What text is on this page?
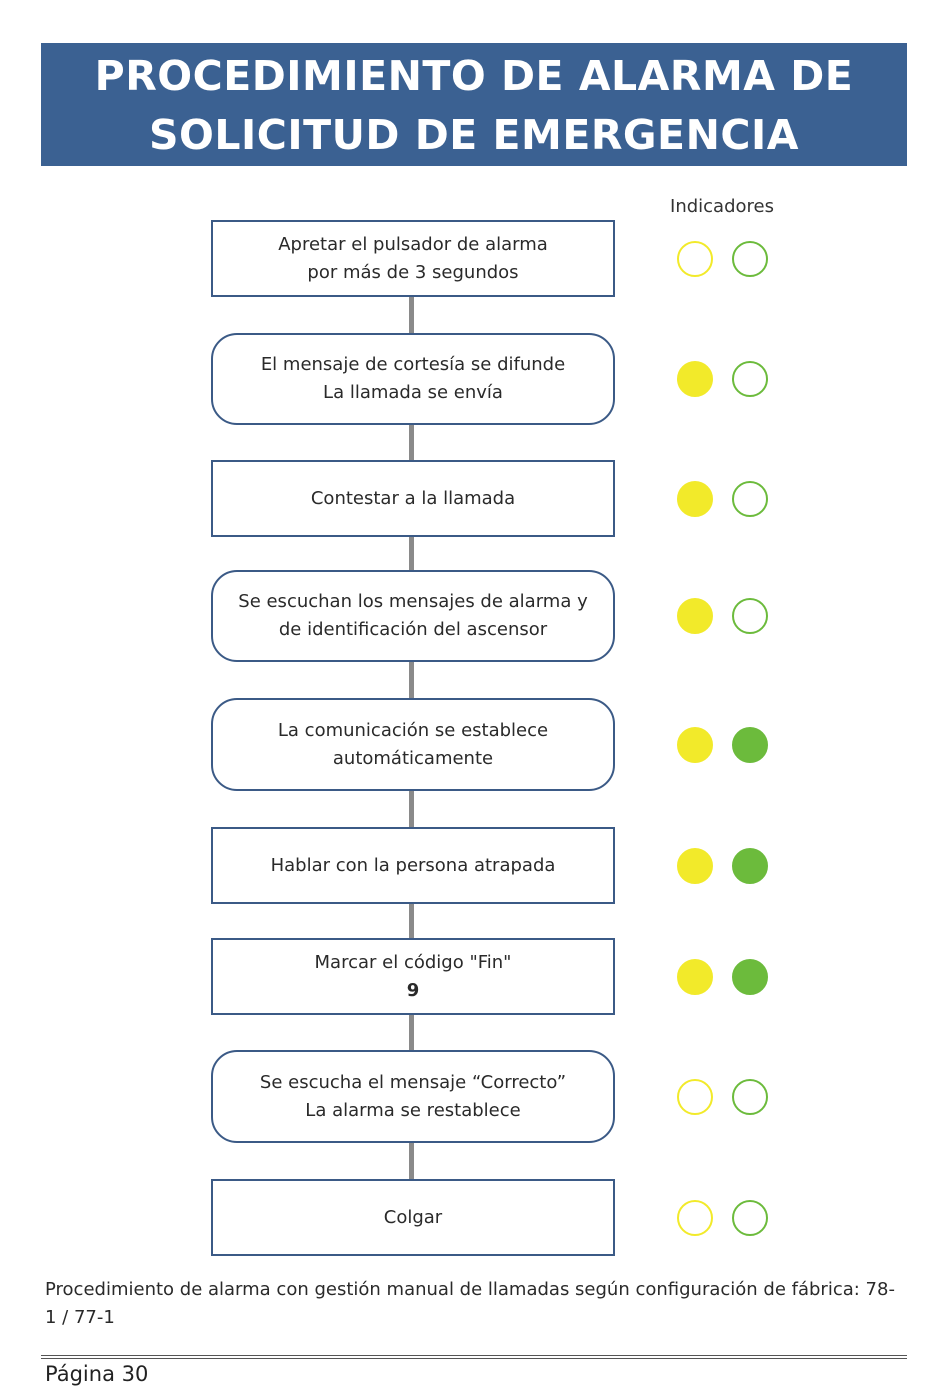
PROCEDIMIENTO DE ALARMA DE
SOLICITUD DE EMERGENCIA
Indicadores
Apretar el pulsador de alarma
por más de 3 segundos
El mensaje de cortesía se difunde
La llamada se envía
Contestar a la llamada
Se escuchan los mensajes de alarma y
de identificación del ascensor
La comunicación se establece
automáticamente
Hablar con la persona atrapada
Marcar el código "Fin"
9
Se escucha el mensaje “Correcto”
La alarma se restablece
Colgar
Procedimiento de alarma con gestión manual de llamadas según configuración de fábrica: 78-1 / 77-1
Página 30
